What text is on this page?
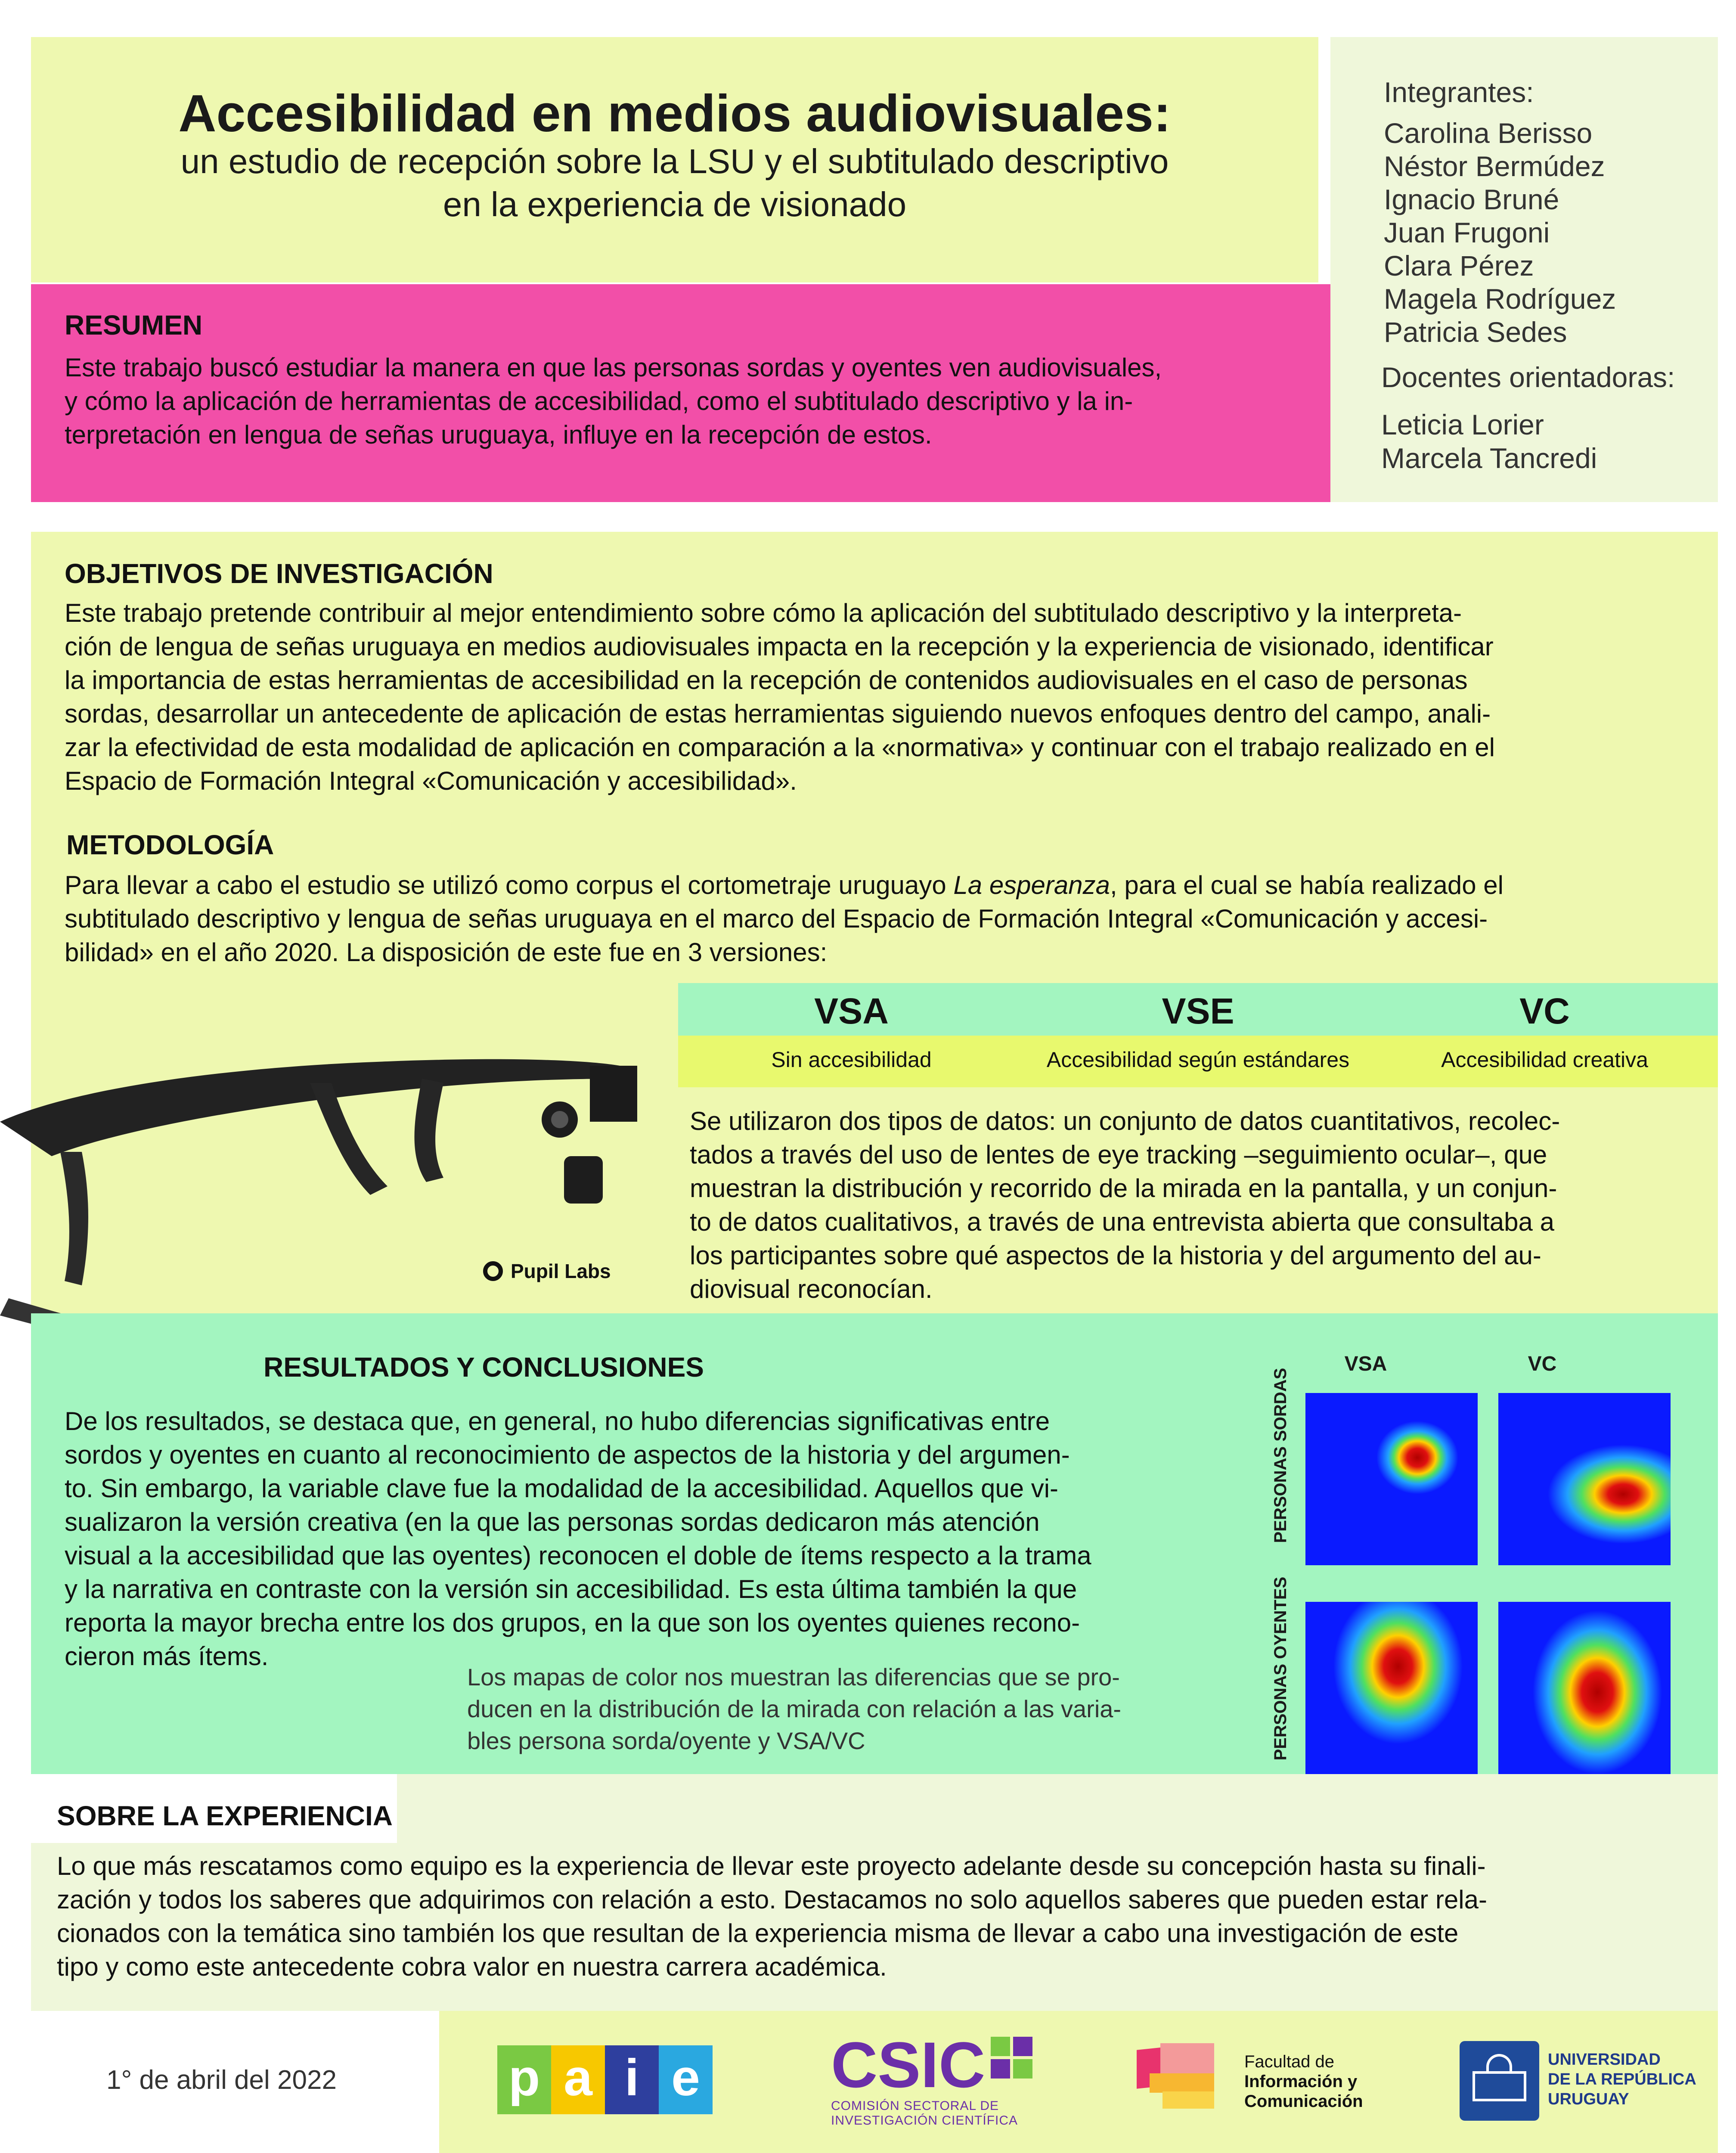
Accesibilidad en medios audiovisuales:
un estudio de recepción sobre la LSU y el subtitulado descriptivo
en la experiencia de visionado
Integrantes:
Carolina Berisso
Néstor Bermúdez
Ignacio Bruné
Juan Frugoni
Clara Pérez
Magela Rodríguez
Patricia Sedes
Docentes orientadoras:
Leticia Lorier
Marcela Tancredi
RESUMEN
Este trabajo buscó estudiar la manera en que las personas sordas y oyentes ven audiovisuales,
y cómo la aplicación de herramientas de accesibilidad, como el subtitulado descriptivo y la in-
terpretación en lengua de señas uruguaya, influye en la recepción de estos.
OBJETIVOS DE INVESTIGACIÓN
Este trabajo pretende contribuir al mejor entendimiento sobre cómo la aplicación del subtitulado descriptivo y la interpreta-
ción de lengua de señas uruguaya en medios audiovisuales impacta en la recepción y la experiencia de visionado, identificar
la importancia de estas herramientas de accesibilidad en la recepción de contenidos audiovisuales en el caso de personas
sordas, desarrollar un antecedente de aplicación de estas herramientas siguiendo nuevos enfoques dentro del campo, anali-
zar la efectividad de esta modalidad de aplicación en comparación a la «normativa» y continuar con el trabajo realizado en el
Espacio de Formación Integral «Comunicación y accesibilidad».
METODOLOGÍA
Para llevar a cabo el estudio se utilizó como corpus el cortometraje uruguayo La esperanza, para el cual se había realizado el
subtitulado descriptivo y lengua de señas uruguaya en el marco del Espacio de Formación Integral «Comunicación y accesi-
bilidad» en el año 2020. La disposición de este fue en 3 versiones:
Pupil Labs
Se utilizaron dos tipos de datos: un conjunto de datos cuantitativos, recolec-
tados a través del uso de lentes de eye tracking –seguimiento ocular–, que
muestran la distribución y recorrido de la mirada en la pantalla, y un conjun-
to de datos cualitativos, a través de una entrevista abierta que consultaba a
los participantes sobre qué aspectos de la historia y del argumento del au-
diovisual reconocían.
VSA	VSE	VC
Sin accesibilidad	Accesibilidad según estándares	Accesibilidad creativa
RESULTADOS Y CONCLUSIONES
De los resultados, se destaca que, en general, no hubo diferencias significativas entre
sordos y oyentes en cuanto al reconocimiento de aspectos de la historia y del argumen-
to. Sin embargo, la variable clave fue la modalidad de la accesibilidad. Aquellos que vi-
sualizaron la versión creativa (en la que las personas sordas dedicaron más atención
visual a la accesibilidad que las oyentes) reconocen el doble de ítems respecto a la trama
y la narrativa en contraste con la versión sin accesibilidad. Es esta última también la que
reporta la mayor brecha entre los dos grupos, en la que son los oyentes quienes recono-
cieron más ítems.
Los mapas de color nos muestran las diferencias que se pro-
ducen en la distribución de la mirada con relación a las varia-
bles persona sorda/oyente y VSA/VC
VSA	VC
PERSONAS SORDAS
PERSONAS OYENTES
Lo que más rescatamos como equipo es la experiencia de llevar este proyecto adelante desde su concepción hasta su finali-
zación y todos los saberes que adquirimos con relación a esto. Destacamos no solo aquellos saberes que pueden estar rela-
cionados con la temática sino también los que resultan de la experiencia misma de llevar a cabo una investigación de este
tipo y como este antecedente cobra valor en nuestra carrera académica.
SOBRE LA EXPERIENCIA
1° de abril del 2022	p a i e CSIC
COMISIÓN SECTORAL DE
INVESTIGACIÓN CIENTÍFICA
Facultad de
Información y
Comunicación
UNIVERSIDAD
DE LA REPÚBLICA
URUGUAY
